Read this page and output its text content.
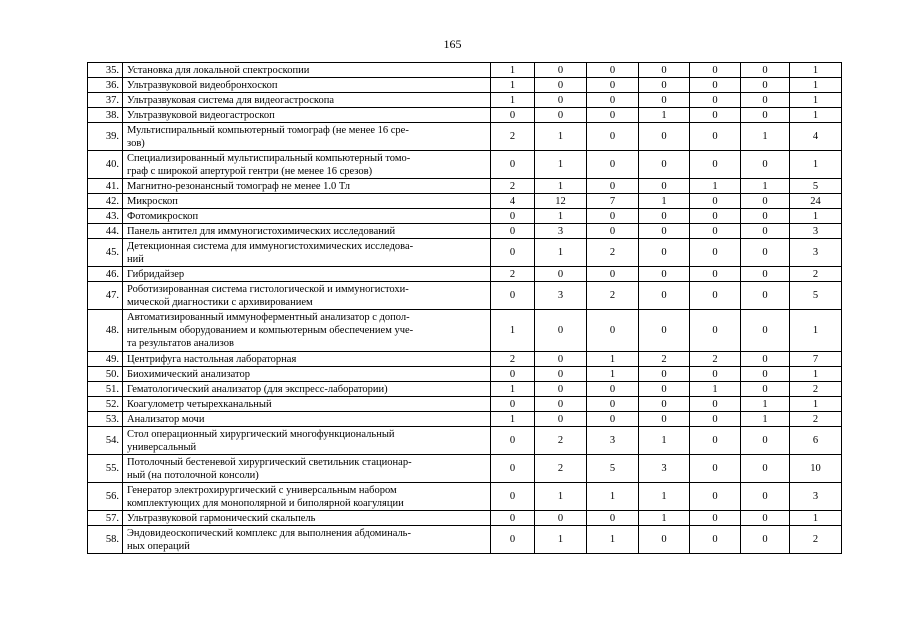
165
35.	Установка для локальной спектроскопии	1	0	0	0	0	0	1
36.	Ультразвуковой видеобронхоскоп	1	0	0	0	0	0	1
37.	Ультразвуковая система для видеогастроскопа	1	0	0	0	0	0	1
38.	Ультразвуковой видеогастроскоп	0	0	0	1	0	0	1
39.	Мультиспиральный компьютерный томограф (не менее 16 сре-
зов)	2	1	0	0	0	1	4
40.	Специализированный мультиспиральный компьютерный томо-
граф с широкой апертурой гентри (не менее 16 срезов)	0	1	0	0	0	0	1
41.	Магнитно-резонансный томограф не менее 1.0 Тл	2	1	0	0	1	1	5
42.	Микроскоп	4	12	7	1	0	0	24
43.	Фотомикроскоп	0	1	0	0	0	0	1
44.	Панель антител для иммуногистохимических исследований	0	3	0	0	0	0	3
45.	Детекционная система для иммуногистохимических исследова-
ний	0	1	2	0	0	0	3
46.	Гибридайзер	2	0	0	0	0	0	2
47.	Роботизированная система гистологической и иммуногистохи-
мической диагностики с архивированием	0	3	2	0	0	0	5
48.	Автоматизированный иммуноферментный анализатор с допол-
нительным оборудованием и компьютерным обеспечением уче-
та результатов анализов	1	0	0	0	0	0	1
49.	Центрифуга настольная лабораторная	2	0	1	2	2	0	7
50.	Биохимический анализатор	0	0	1	0	0	0	1
51.	Гематологический анализатор (для экспресс-лаборатории)	1	0	0	0	1	0	2
52.	Коагулометр четырехканальный	0	0	0	0	0	1	1
53.	Анализатор мочи	1	0	0	0	0	1	2
54.	Стол операционный хирургический многофункциональный
универсальный	0	2	3	1	0	0	6
55.	Потолочный бестеневой хирургический светильник стационар-
ный (на потолочной консоли)	0	2	5	3	0	0	10
56.	Генератор электрохирургический с универсальным набором
комплектующих для монополярной и биполярной коагуляции	0	1	1	1	0	0	3
57.	Ультразвуковой гармонический скальпель	0	0	0	1	0	0	1
58.	Эндовидеоскопический комплекс для выполнения абдоминаль-
ных операций	0	1	1	0	0	0	2
